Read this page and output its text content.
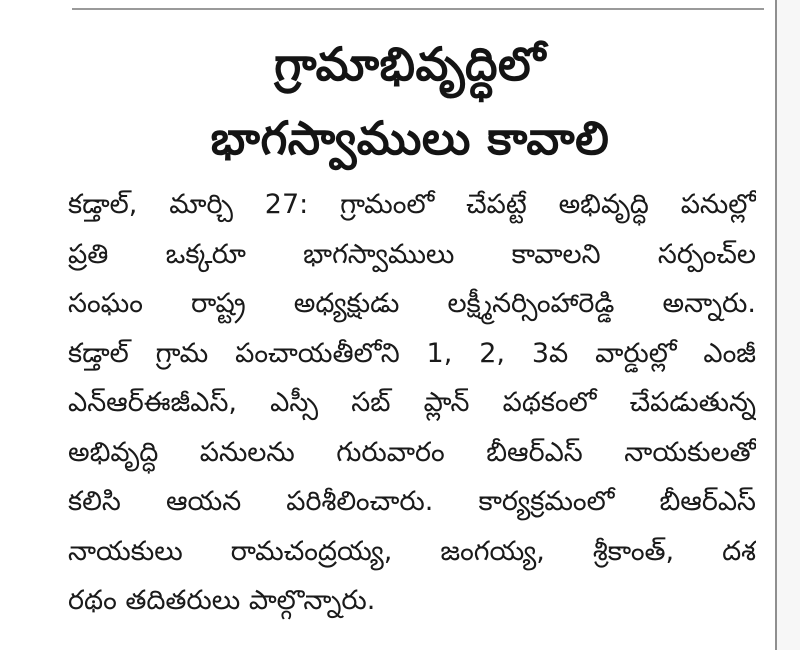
గ్రామాభివృద్ధిలో
భాగస్వాములు కావాలి
కడ్తాల్, మార్చి 27: గ్రామంలో చేపట్టే అభివృద్ధి పనుల్లో
ప్రతి ఒక్కరూ భాగస్వాములు కావాలని సర్పంచ్‌ల
సంఘం రాష్ట్ర అధ్యక్షుడు లక్ష్మీనర్సింహారెడ్డి అన్నారు.
కడ్తాల్ గ్రామ పంచాయతీలోని 1, 2, 3వ వార్డుల్లో ఎంజీ
ఎన్‌ఆర్‌ఈజీఎస్, ఎస్సీ సబ్ ప్లాన్ పథకంలో చేపడుతున్న
అభివృద్ధి పనులను గురువారం బీఆర్‌ఎస్ నాయకులతో
కలిసి ఆయన పరిశీలించారు. కార్యక్రమంలో బీఆర్‌ఎస్
నాయకులు రామచంద్రయ్య, జంగయ్య, శ్రీకాంత్, దశ
రథం తదితరులు పాల్గొన్నారు.
